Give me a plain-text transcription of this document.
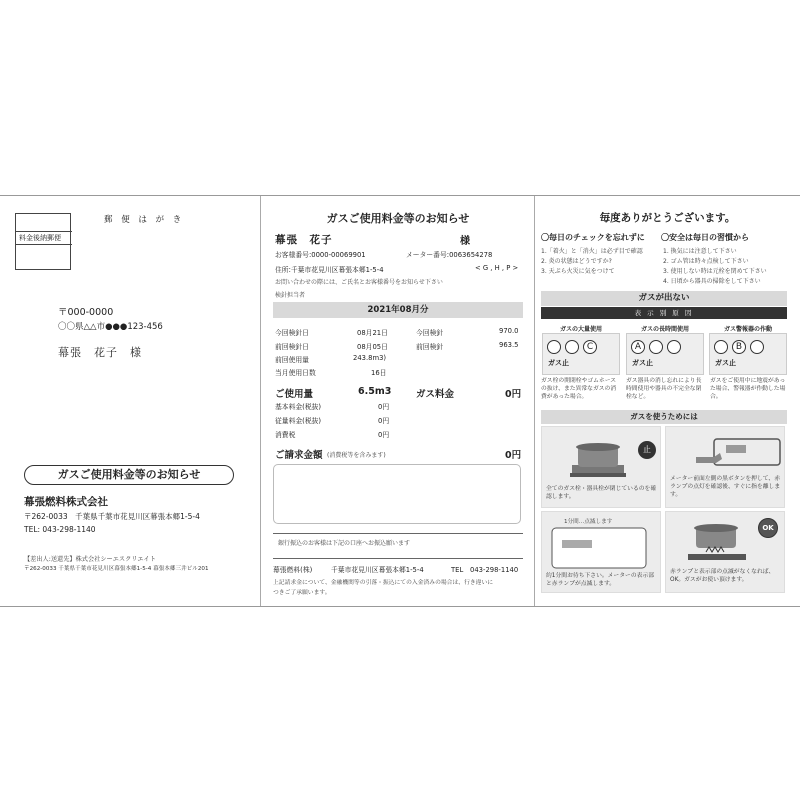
料金後納郵便
郵 便 は が き
〒000-0000
〇〇県△△市●●●123-456
幕張　花子　様
ガスご使用料金等のお知らせ
幕張燃料株式会社
〒262-0033　千葉県千葉市花見川区幕張本郷1-5-4
TEL: 043-298-1140
【差出人:送還先】株式会社シーエスクリエイト
〒262-0033 千葉県千葉市花見川区幕張本郷1-5-4 幕張本郷三井ビル201
ガスご使用料金等のお知らせ
幕張　花子	様
お客様番号:0000-00069901	メーター番号:0063654278
住所:千葉市花見川区幕張本郷1-5-4	< G , H , P >
お問い合わせの際には、ご氏名とお客様番号をお知らせ下さい
検針担当者
2021年08月分
今回検針日	08月21日
前回検針日	08月05日
前回使用量	243.8m3)
当月使用日数	16日
今回検針	970.0
前回検針	963.5
ご使用量	6.5m3	ガス料金	0円
基本料金(税抜)	0円
従量料金(税抜)	0円
消費税	0円
ご請求金額 (消費税等を含みます)	0円
銀行振込のお客様は下記の口座へお振込願います
幕張燃料(株)	千葉市花見川区幕張本郷1-5-4	TEL　043-298-1140
上記請求金について、金融機関等の引落・振込にての入金済みの場合は、行き違いに
つきご了承願います。
毎度ありがとうございます。
〇毎日のチェックを忘れずに
1.「着火」と「消火」は必ず目で確認
2. 炎の状態はどうですか?
3. 天ぷら火災に気をつけて
〇安全は毎日の習慣から
1. 換気には注意して下さい
2. ゴム管は時々点検して下さい
3. 使用しない時は元栓を閉めて下さい
4. 日頃から器具の掃除をして下さい
ガスが出ない
表 示 別 原 因
ガスの大量使用	ガスの長時間使用	ガス警報器の作動
C
ガス止
A
ガス止
B
ガス止
ガス栓の開閉栓やゴムホースの抜け、また異常なガスの消費があった場合。
ガス器具の消し忘れにより長時間使用や器具の不完全な閉栓など。
ガスをご使用中に地震があった場合、警報器が作動した場合。
ガスを使うためには
止
全てのガス栓・器具栓が閉じているのを確認します。
メーター前面左側の黒ボタンを押して、赤ランプの点灯を確認後、すぐに指を離します。
1分間…点滅します
約1分間お待ち下さい。メーターの表示部と赤ランプが点滅します。
OK
赤ランプと表示部の点滅がなくなれば、OK。ガスがお使い頂けます。
